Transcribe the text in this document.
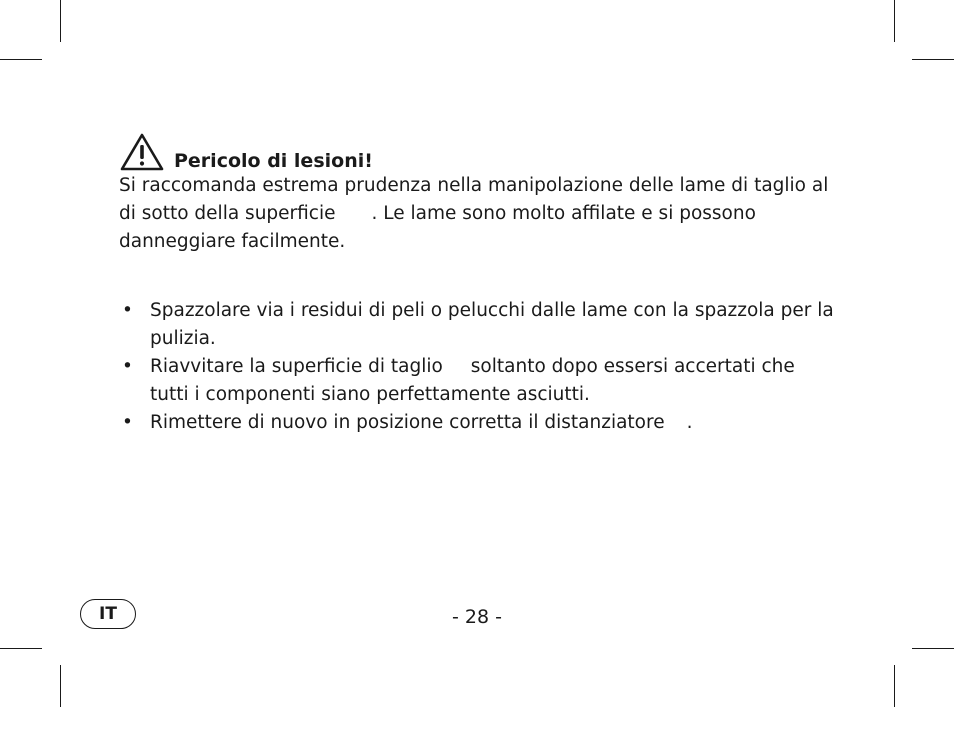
Pericolo di lesioni!

Si raccomanda estrema prudenza nella manipolazione delle lame di taglio al di sotto della superficie . Le lame sono molto affilate e si possono danneggiare facilmente.

• Spazzolare via i residui di peli o pelucchi dalle lame con la spazzola per la pulizia.
• Riavvitare la superficie di taglio soltanto dopo essersi accertati che tutti i componenti siano perfettamente asciutti.
• Rimettere di nuovo in posizione corretta il distanziatore .
IT	- 28 -
